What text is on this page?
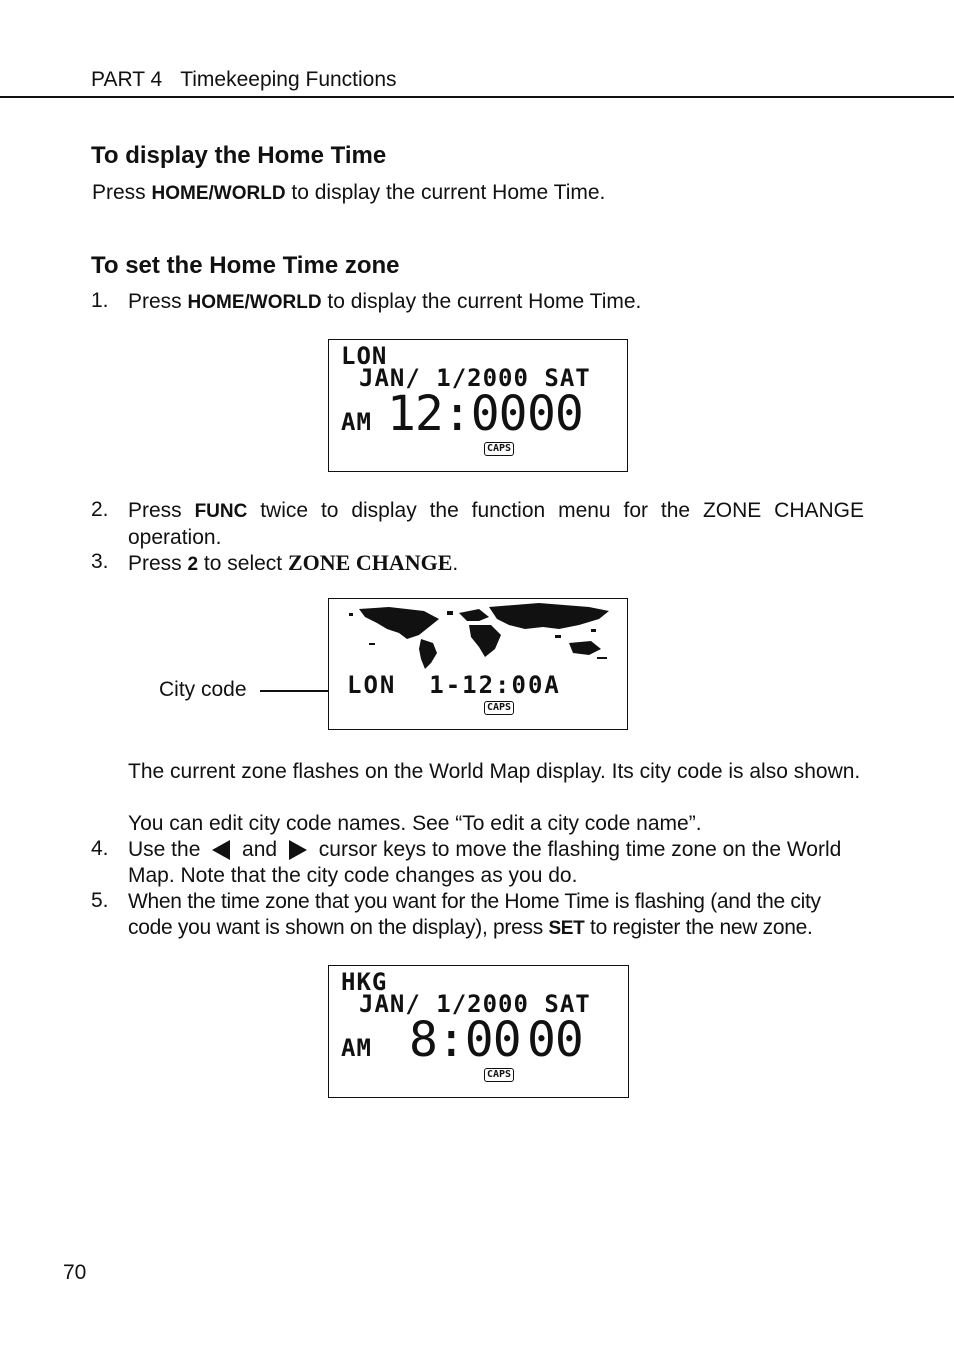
PART 4 Timekeeping Functions
To display the Home Time
Press HOME/WORLD to display the current Home Time.
To set the Home Time zone
1. Press HOME/WORLD to display the current Home Time.
LON
JAN/ 1/2000 SAT
AM 12:00 00
CAPS
2. Press FUNC twice to display the function menu for the ZONE CHANGE operation.
3. Press 2 to select ZONE CHANGE.
City code	LON  1-12:00A
CAPS
The current zone flashes on the World Map display. Its city code is also shown.
You can edit city code names. See “To edit a city code name”.
4. Use the  and  cursor keys to move the flashing time zone on the World Map. Note that the city code changes as you do.
5. When the time zone that you want for the Home Time is flashing (and the city code you want is shown on the display), press SET to register the new zone.
HKG
JAN/ 1/2000 SAT
AM 8:00 00
CAPS
70
